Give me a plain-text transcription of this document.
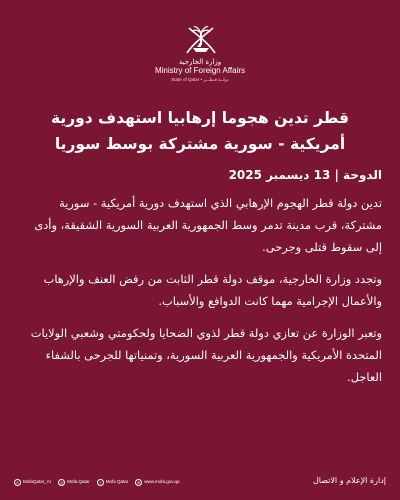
وزارة الخارجية
Ministry of Foreign Affairs
State of Qatar • دولــة قـطـــر
قطر تدين هجوما إرهابيا استهدف دورية أمريكية - سورية مشتركة بوسط سوريا
الدوحة | 13 ديسمبر 2025

تدين دولة قطر الهجوم الإرهابي الذي استهدف دورية أمريكية - سورية مشتركة، قرب مدينة تدمر وسط الجمهورية العربية السورية الشقيقة، وأدى إلى سقوط قتلى وجرحى.

وتجدد وزارة الخارجية، موقف دولة قطر الثابت من رفض العنف والإرهاب والأعمال الإجرامية مهما كانت الدوافع والأسباب.

وتعبر الوزارة عن تعازي دولة قطر لذوي الضحايا ولحكومتي وشعبي الولايات المتحدة الأمريكية والجمهورية العربية السورية، وتمنياتها للجرحى بالشفاء العاجل.

X MofaQatar_Ar	◎ Mofa.Qatar	f	Mofa Qatar	⊕ www.mofa.gov.qa	إدارة الإعلام و الاتصال
